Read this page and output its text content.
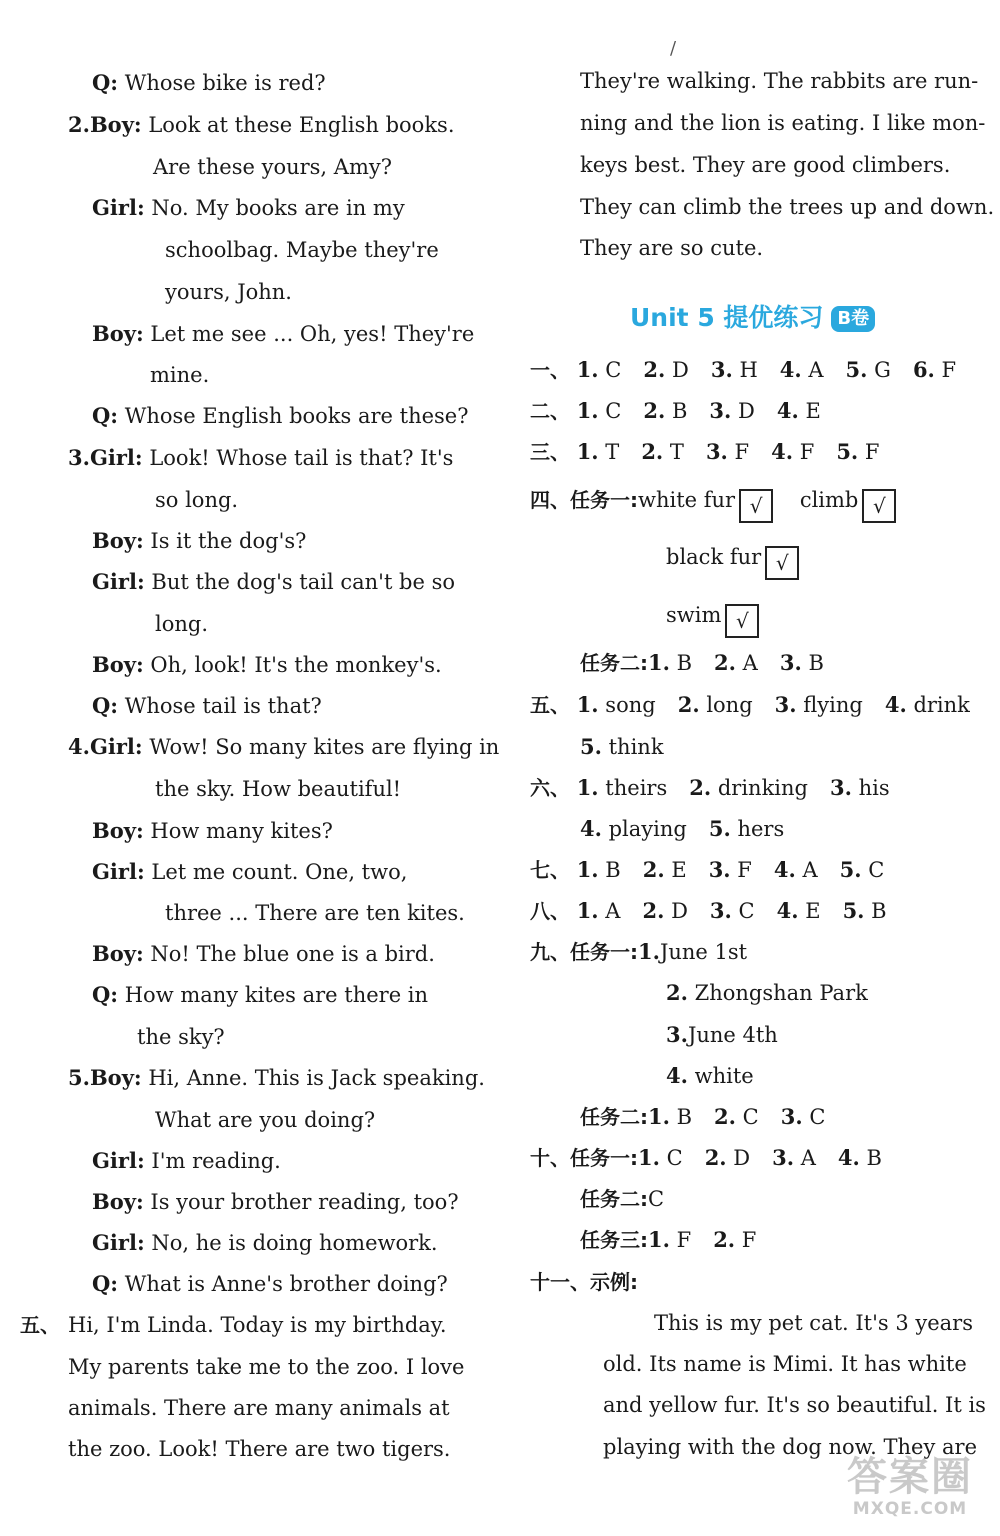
Q: Whose bike is red?
2.Boy: Look at these English books.
Are these yours, Amy?
Girl: No. My books are in my
schoolbag. Maybe they're
yours, John.
Boy: Let me see ... Oh, yes! They're
mine.
Q: Whose English books are these?
3.Girl: Look! Whose tail is that? It's
so long.
Boy: Is it the dog's?
Girl: But the dog's tail can't be so
long.
Boy: Oh, look! It's the monkey's.
Q: Whose tail is that?
4.Girl: Wow! So many kites are flying in
the sky. How beautiful!
Boy: How many kites?
Girl: Let me count. One, two,
three ... There are ten kites.
Boy: No! The blue one is a bird.
Q: How many kites are there in
the sky?
5.Boy: Hi, Anne. This is Jack speaking.
What are you doing?
Girl: I'm reading.
Boy: Is your brother reading, too?
Girl: No, he is doing homework.
Q: What is Anne's brother doing?
五、 Hi, I'm Linda. Today is my birthday.
My parents take me to the zoo. I love
animals. There are many animals at
the zoo. Look! There are two tigers.
/
They're walking. The rabbits are run-
ning and the lion is eating. I like mon-
keys best. They are good climbers.
They can climb the trees up and down.
They are so cute.
Unit 5 提优练习 B卷
一、 1. C 2. D 3. H 4. A 5. G 6. F
二、 1. C 2. B 3. D 4. E
三、 1. T 2. T 3. F 4. F 5. F
四、任务一:white fur √ climb √
black fur √
swim √
任务二:1. B 2. A 3. B
五、 1. song 2. long 3. flying 4. drink
5. think
六、 1. theirs 2. drinking 3. his
4. playing 5. hers
七、 1. B 2. E 3. F 4. A 5. C
八、 1. A 2. D 3. C 4. E 5. B
九、任务一:1.June 1st
2. Zhongshan Park
3.June 4th
4. white
任务二:1. B 2. C 3. C
十、任务一:1. C 2. D 3. A 4. B
任务二:C
任务三:1. F 2. F
十一、示例:
This is my pet cat. It's 3 years
old. Its name is Mimi. It has white
and yellow fur. It's so beautiful. It is
playing with the dog now. They are
答案圈
MXQE.COM
